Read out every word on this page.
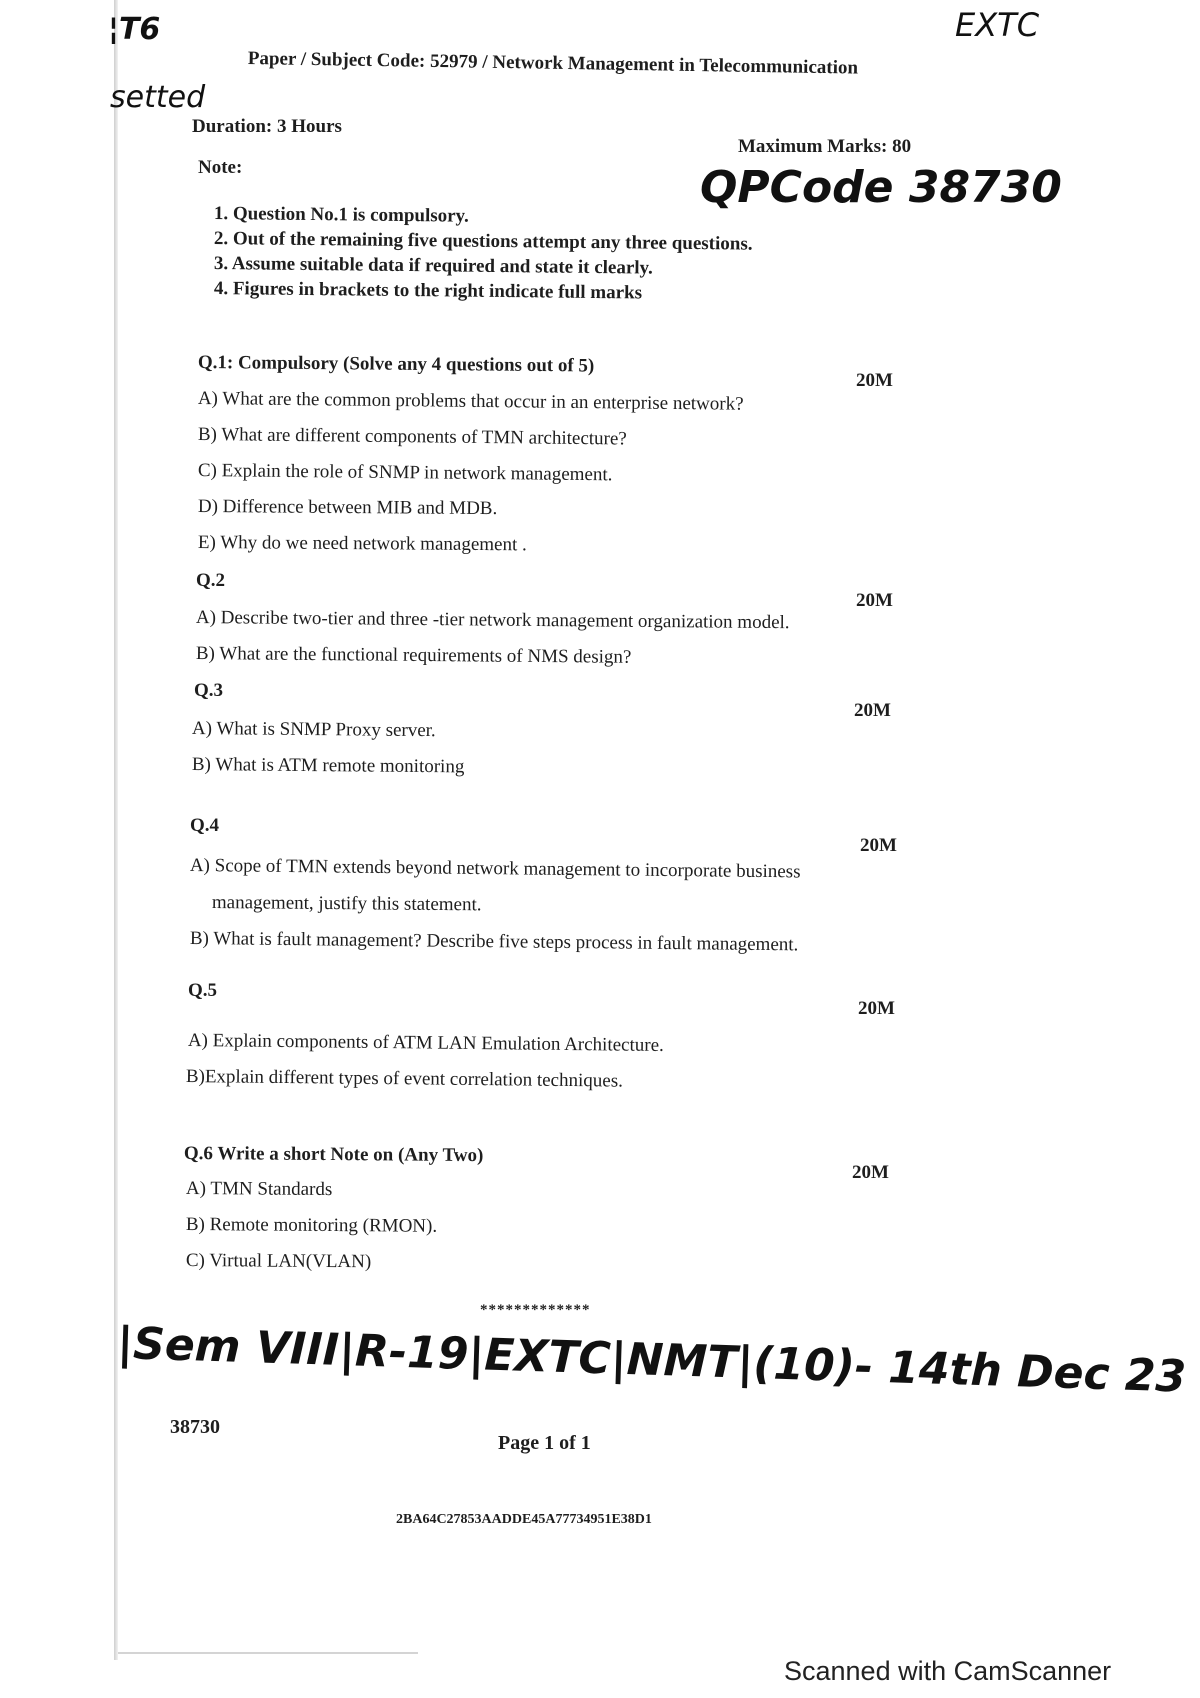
¦T6
setted
EXTC
QPCode 38730
Paper / Subject Code: 52979 / Network Management in Telecommunication
Duration: 3 Hours
Maximum Marks: 80
Note:
1. Question No.1 is compulsory.
2. Out of the remaining five questions attempt any three questions.
3. Assume suitable data if required and state it clearly.
4. Figures in brackets to the right indicate full marks
Q.1: Compulsory (Solve any 4 questions out of 5)
20M
A) What are the common problems that occur in an enterprise network?
B) What are different components of TMN architecture?
C) Explain the role of SNMP in network management.
D) Difference between MIB and MDB.
E) Why do we need network management .
Q.2
20M
A) Describe two-tier and three -tier network management organization model.
B) What are the functional requirements of NMS design?
Q.3
20M
A) What is SNMP Proxy server.
B) What is ATM remote monitoring
Q.4
20M
A) Scope of TMN extends beyond network management to incorporate business
management, justify this statement.
B) What is fault management? Describe five steps process in fault management.
Q.5
20M
A) Explain components of ATM LAN Emulation Architecture.
B)Explain different types of event correlation techniques.
Q.6 Write a short Note on (Any Two)
20M
A) TMN Standards
B) Remote monitoring (RMON).
C) Virtual LAN(VLAN)
*************
|Sem VIII|R-19|EXTC|NMT|(10)- 14th Dec 23
38730
Page 1 of 1
2BA64C27853AADDE45A77734951E38D1
Scanned with CamScanner
